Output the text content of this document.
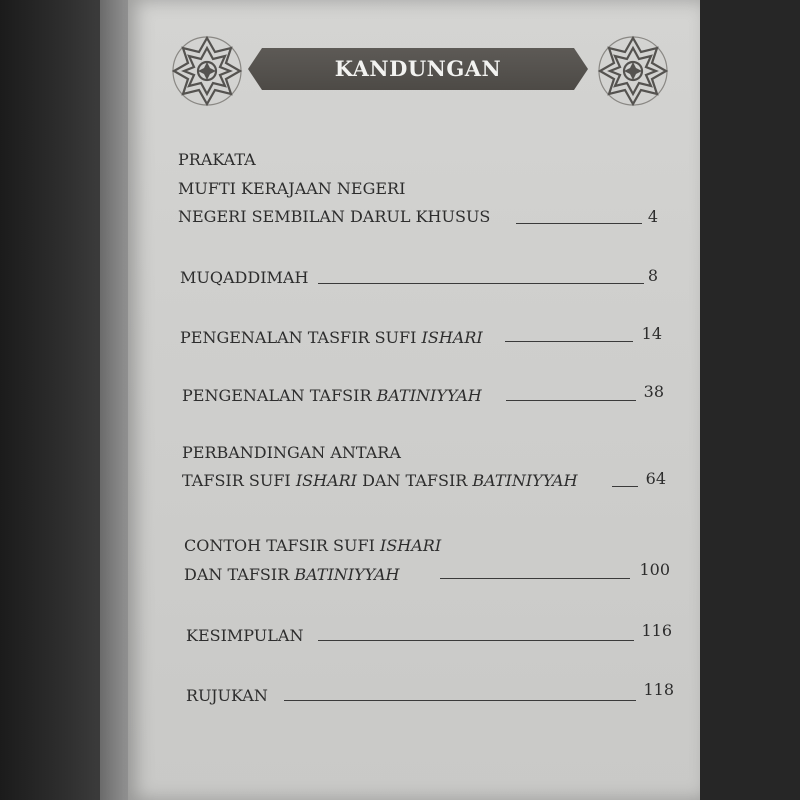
KANDUNGAN
PRAKATA
MUFTI KERAJAAN NEGERI
NEGERI SEMBILAN DARUL KHUSUS	4
MUQADDIMAH	8
PENGENALAN TASFIR SUFI ISHARI	14
PENGENALAN TAFSIR BATINIYYAH	38
PERBANDINGAN ANTARA
TAFSIR SUFI ISHARI DAN TAFSIR BATINIYYAH	64
CONTOH TAFSIR SUFI ISHARI
DAN TAFSIR BATINIYYAH	100
KESIMPULAN	116
RUJUKAN	118
